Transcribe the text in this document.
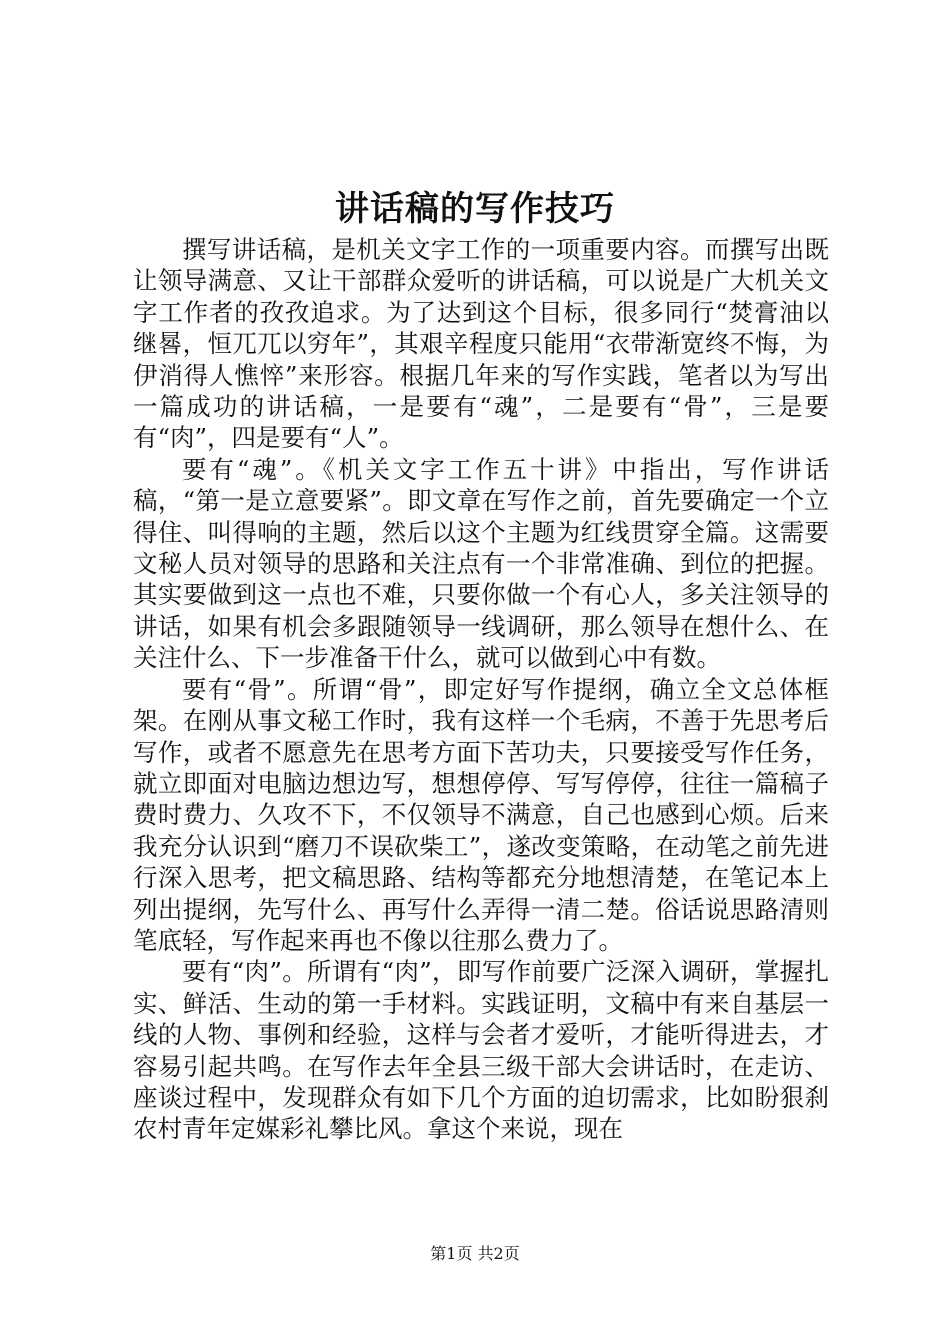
讲话稿的写作技巧

撰写讲话稿，是机关文字工作的一项重要内容。而撰写出既让领导满意、又让干部群众爱听的讲话稿，可以说是广大机关文字工作者的孜孜追求。为了达到这个目标，很多同行“焚膏油以继晷，恒兀兀以穷年”，其艰辛程度只能用“衣带渐宽终不悔，为伊消得人憔悴”来形容。根据几年来的写作实践，笔者以为写出一篇成功的讲话稿，一是要有“魂”，二是要有“骨”，三是要有“肉”，四是要有“人”。

要有“魂”。《机关文字工作五十讲》中指出，写作讲话稿，“第一是立意要紧”。即文章在写作之前，首先要确定一个立得住、叫得响的主题，然后以这个主题为红线贯穿全篇。这需要文秘人员对领导的思路和关注点有一个非常准确、到位的把握。其实要做到这一点也不难，只要你做一个有心人，多关注领导的讲话，如果有机会多跟随领导一线调研，那么领导在想什么、在关注什么、下一步准备干什么，就可以做到心中有数。

要有“骨”。所谓“骨”，即定好写作提纲，确立全文总体框架。在刚从事文秘工作时，我有这样一个毛病，不善于先思考后写作，或者不愿意先在思考方面下苦功夫，只要接受写作任务，就立即面对电脑边想边写，想想停停、写写停停，往往一篇稿子费时费力、久攻不下，不仅领导不满意，自己也感到心烦。后来我充分认识到“磨刀不误砍柴工”，遂改变策略，在动笔之前先进行深入思考，把文稿思路、结构等都充分地想清楚，在笔记本上列出提纲，先写什么、再写什么弄得一清二楚。俗话说思路清则笔底轻，写作起来再也不像以往那么费力了。

要有“肉”。所谓有“肉”，即写作前要广泛深入调研，掌握扎实、鲜活、生动的第一手材料。实践证明，文稿中有来自基层一线的人物、事例和经验，这样与会者才爱听，才能听得进去，才容易引起共鸣。在写作去年全县三级干部大会讲话时，在走访、座谈过程中，发现群众有如下几个方面的迫切需求，比如盼狠刹农村青年定媒彩礼攀比风。拿这个来说，现在

第1页 共2页
